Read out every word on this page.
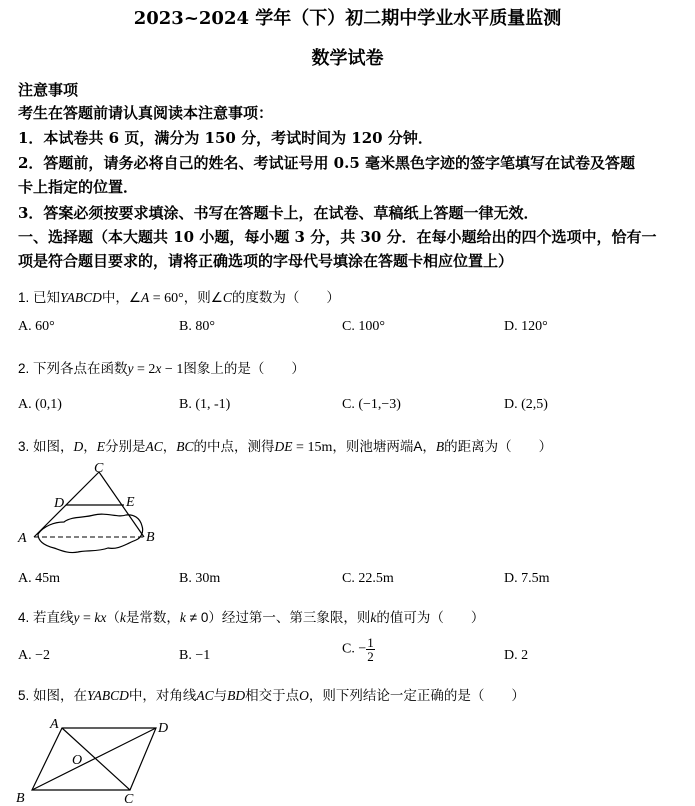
2023~2024 学年（下）初二期中学业水平质量监测
数学试卷
注意事项
考生在答题前请认真阅读本注意事项：
1．本试卷共 6 页，满分为 150 分，考试时间为 120 分钟．
2．答题前，请务必将自己的姓名、考试证号用 0.5 毫米黑色字迹的签字笔填写在试卷及答题
卡上指定的位置．
3．答案必须按要求填涂、书写在答题卡上，在试卷、草稿纸上答题一律无效．
一、选择题（本大题共 10 小题，每小题 3 分，共 30 分．在每小题给出的四个选项中，恰有一
项是符合题目要求的，请将正确选项的字母代号填涂在答题卡相应位置上）
1. 已知YABCD中，∠A = 60°，则∠C的度数为（　　）
A. 60°	B. 80°	C. 100°	D. 120°
2. 下列各点在函数y = 2x − 1图象上的是（　　）
A. (0,1)	B. (1, -1)	C. (−1,−3)	D. (2,5)
3. 如图，D，E分别是AC，BC的中点，测得DE = 15m，则池塘两端A，B的距离为（　　）
C
D	E
A	B
A. 45m	B. 30m	C. 22.5m	D. 7.5m
4. 若直线y = kx（k是常数，k ≠ 0）经过第一、第三象限，则k的值可为（　　）
A. −2	B. −1	C. − $\frac{1}{2}$	D. 2
5. 如图，在YABCD中，对角线AC与BD相交于点O，则下列结论一定正确的是（　　）
A	D
O
B	C
